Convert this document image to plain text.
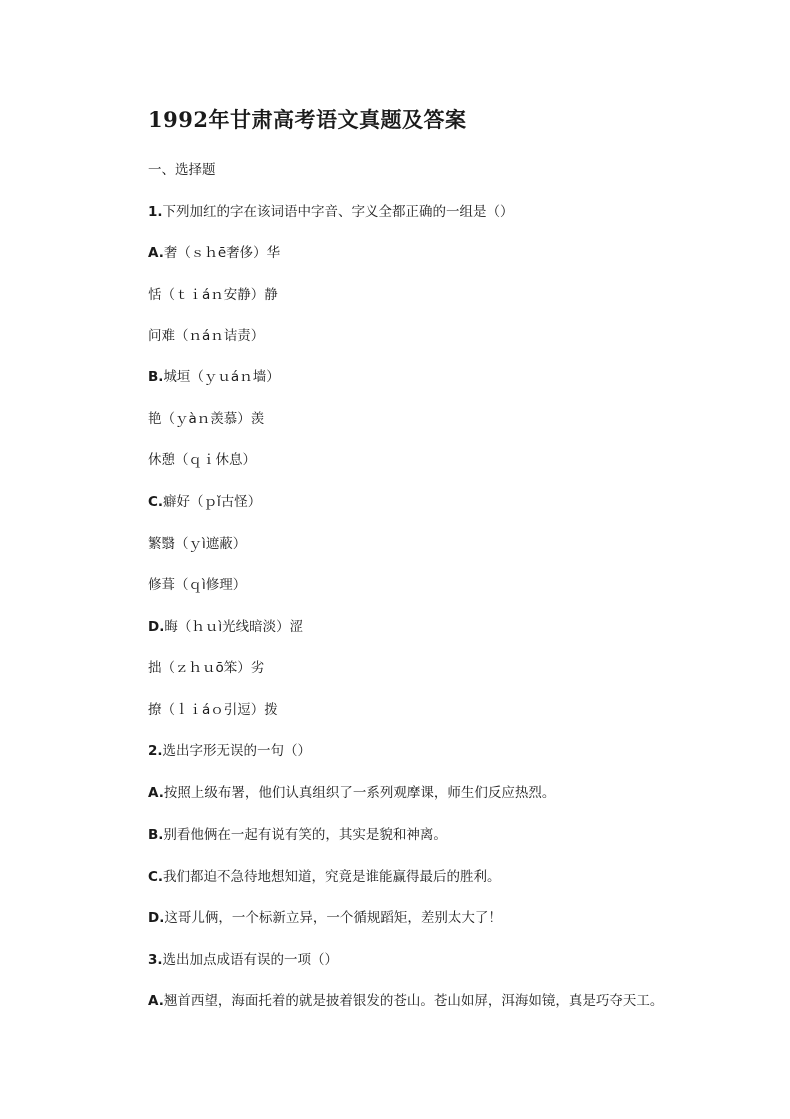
1992年甘肃高考语文真题及答案
一、选择题
1.下列加红的字在该词语中字音、字义全都正确的一组是（）
A.奢（ｓｈē奢侈）华
恬（ｔｉáｎ安静）静
问难（ｎáｎ诘责）
B.城垣（ｙｕáｎ墙）
艳（ｙàｎ羡慕）羡
休憩（ｑｉ休息）
C.癖好（ｐǐ古怪）
繁翳（ｙì遮蔽）
修葺（ｑì修理）
D.晦（ｈｕì光线暗淡）涩
拙（ｚｈｕō笨）劣
撩（ｌｉáｏ引逗）拨
2.选出字形无误的一句（）
A.按照上级布署，他们认真组织了一系列观摩课，师生们反应热烈。
B.别看他俩在一起有说有笑的，其实是貌和神离。
C.我们都迫不急待地想知道，究竟是谁能赢得最后的胜利。
D.这哥儿俩，一个标新立异，一个循规蹈矩，差别太大了！
3.选出加点成语有误的一项（）
A.翘首西望，海面托着的就是披着银发的苍山。苍山如屏，洱海如镜，真是巧夺天工。
